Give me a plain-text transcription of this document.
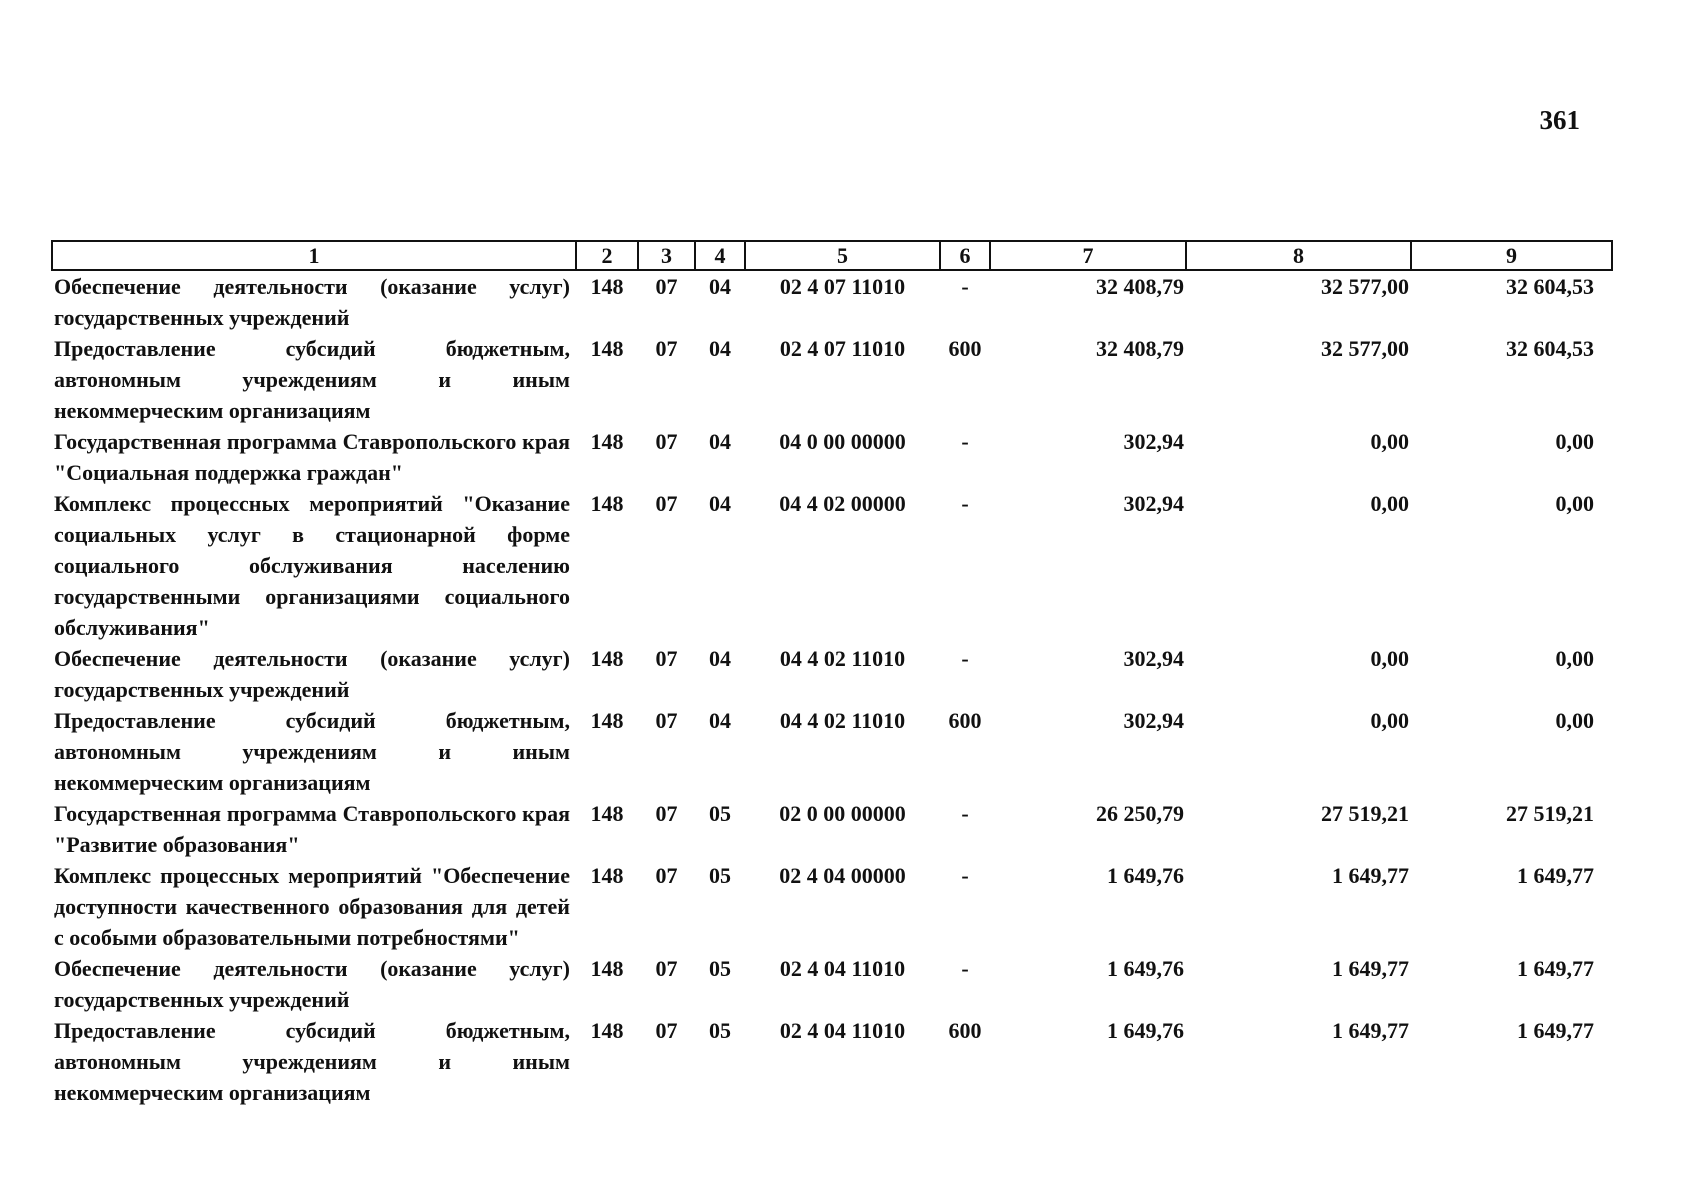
361
1	2	3	4	5	6	7	8	9
Обеспечение деятельности (оказание услуг) государственных учреждений	148	07	04	02 4 07 11010	-	32 408,79	32 577,00	32 604,53
Предоставление субсидий бюджетным, автономным учреждениям и иным некоммерческим организациям	148	07	04	02 4 07 11010	600	32 408,79	32 577,00	32 604,53
Государственная программа Ставропольского края "Социальная поддержка граждан"	148	07	04	04 0 00 00000	-	302,94	0,00	0,00
Комплекс процессных мероприятий "Оказание социальных услуг в стационарной форме социального обслуживания населению государственными организациями социального обслуживания"	148	07	04	04 4 02 00000	-	302,94	0,00	0,00
Обеспечение деятельности (оказание услуг) государственных учреждений	148	07	04	04 4 02 11010	-	302,94	0,00	0,00
Предоставление субсидий бюджетным, автономным учреждениям и иным некоммерческим организациям	148	07	04	04 4 02 11010	600	302,94	0,00	0,00
Государственная программа Ставропольского края "Развитие образования"	148	07	05	02 0 00 00000	-	26 250,79	27 519,21	27 519,21
Комплекс процессных мероприятий "Обеспечение доступности качественного образования для детей с особыми образовательными потребностями"	148	07	05	02 4 04 00000	-	1 649,76	1 649,77	1 649,77
Обеспечение деятельности (оказание услуг) государственных учреждений	148	07	05	02 4 04 11010	-	1 649,76	1 649,77	1 649,77
Предоставление субсидий бюджетным, автономным учреждениям и иным некоммерческим организациям	148	07	05	02 4 04 11010	600	1 649,76	1 649,77	1 649,77
